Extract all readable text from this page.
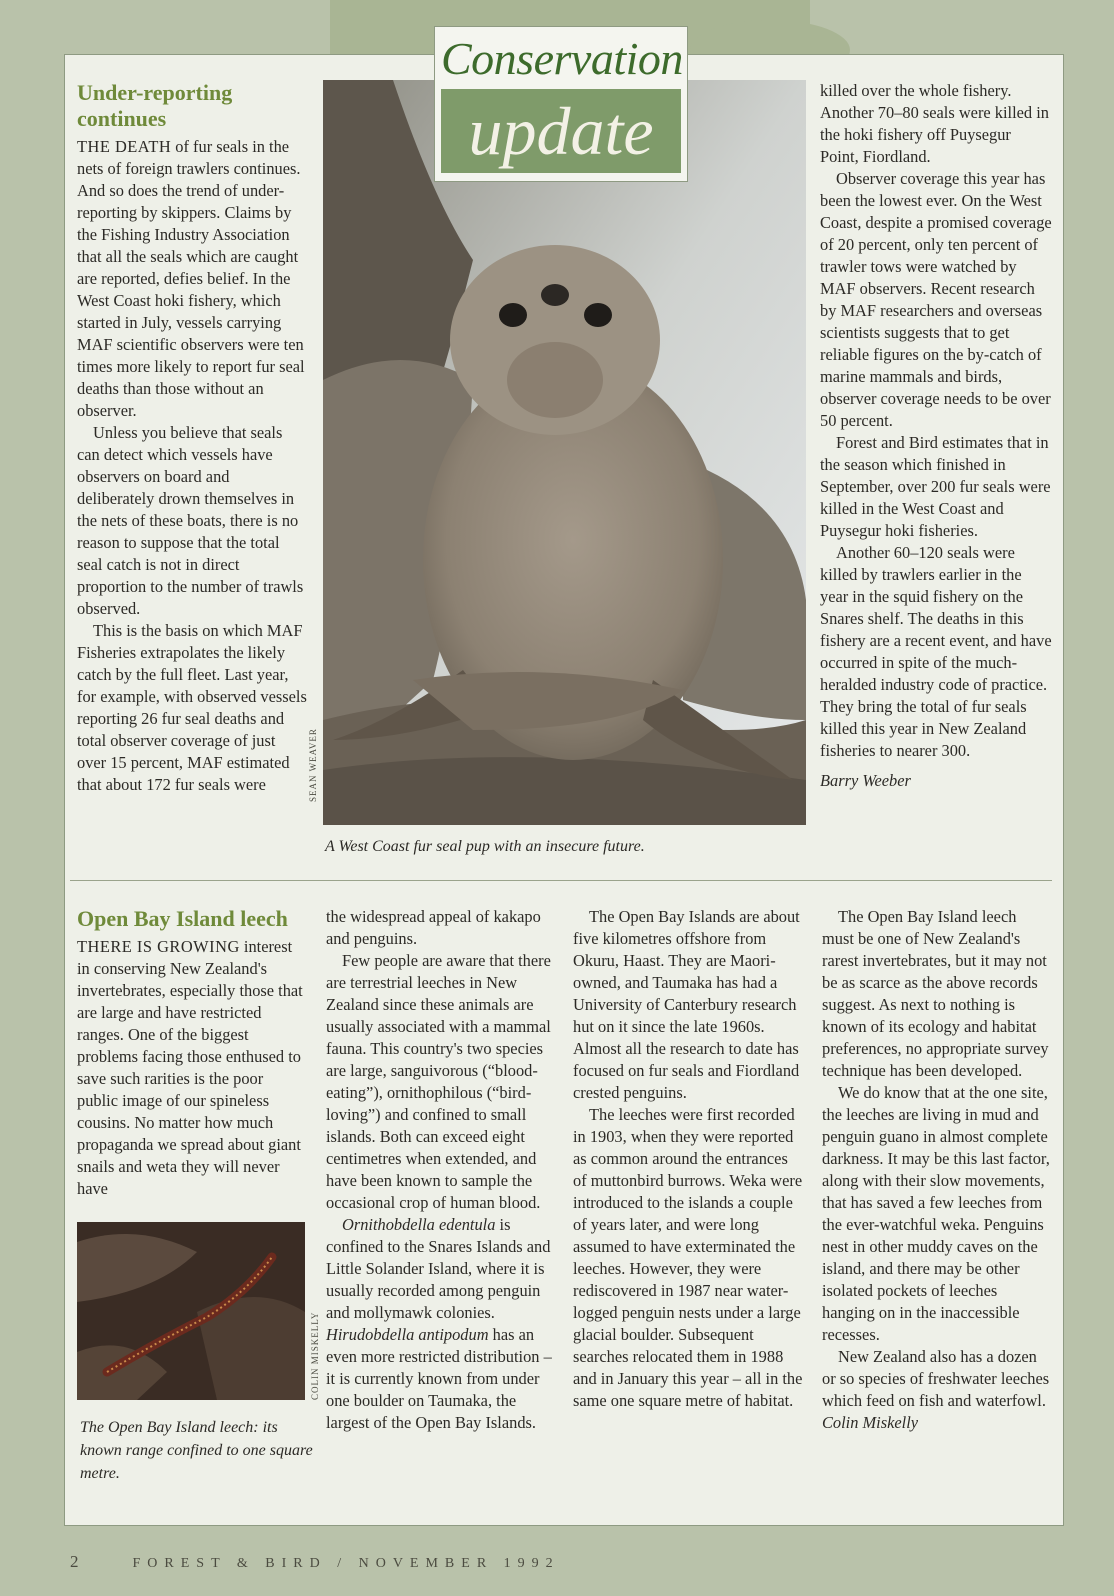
Conservation
update
Under-reporting continues

THE DEATH of fur seals in the nets of foreign trawlers continues. And so does the trend of under-reporting by skippers. Claims by the Fishing Industry Association that all the seals which are caught are reported, defies belief. In the West Coast hoki fishery, which started in July, vessels carrying MAF scientific observers were ten times more likely to report fur seal deaths than those without an observer.

Unless you believe that seals can detect which vessels have observers on board and deliberately drown themselves in the nets of these boats, there is no reason to suppose that the total seal catch is not in direct proportion to the number of trawls observed.

This is the basis on which MAF Fisheries extrapolates the likely catch by the full fleet. Last year, for example, with observed vessels reporting 26 fur seal deaths and total observer coverage of just over 15 percent, MAF estimated that about 172 fur seals were	SEAN WEAVER
A West Coast fur seal pup with an insecure future.

killed over the whole fishery. Another 70–80 seals were killed in the hoki fishery off Puysegur Point, Fiordland.

Observer coverage this year has been the lowest ever. On the West Coast, despite a promised coverage of 20 percent, only ten percent of trawler tows were watched by MAF observers. Recent research by MAF researchers and overseas scientists suggests that to get reliable figures on the by-catch of marine mammals and birds, observer coverage needs to be over 50 percent.

Forest and Bird estimates that in the season which finished in September, over 200 fur seals were killed in the West Coast and Puysegur hoki fisheries.

Another 60–120 seals were killed by trawlers earlier in the year in the squid fishery on the Snares shelf. The deaths in this fishery are a recent event, and have occurred in spite of the much-heralded industry code of practice. They bring the total of fur seals killed this year in New Zealand fisheries to nearer 300.

Barry Weeber

Open Bay Island leech

THERE IS GROWING interest in conserving New Zealand's invertebrates, especially those that are large and have restricted ranges. One of the biggest problems facing those enthused to save such rarities is the poor public image of our spineless cousins. No matter how much propaganda we spread about giant snails and weta they will never have

COLIN MISKELLY
The Open Bay Island leech: its known range confined to one square metre.

the widespread appeal of kakapo and penguins.

Few people are aware that there are terrestrial leeches in New Zealand since these animals are usually associated with a mammal fauna. This country's two species are large, sanguivorous (“blood-eating”), ornithophilous (“bird-loving”) and confined to small islands. Both can exceed eight centimetres when extended, and have been known to sample the occasional crop of human blood.

Ornithobdella edentula is confined to the Snares Islands and Little Solander Island, where it is usually recorded among penguin and mollymawk colonies. Hirudobdella antipodum has an even more restricted distribution – it is currently known from under one boulder on Taumaka, the largest of the Open Bay Islands.

The Open Bay Islands are about five kilometres offshore from Okuru, Haast. They are Maori-owned, and Taumaka has had a University of Canterbury research hut on it since the late 1960s. Almost all the research to date has focused on fur seals and Fiordland crested penguins.

The leeches were first recorded in 1903, when they were reported as common around the entrances of muttonbird burrows. Weka were introduced to the islands a couple of years later, and were long assumed to have exterminated the leeches. However, they were rediscovered in 1987 near water-logged penguin nests under a large glacial boulder. Subsequent searches relocated them in 1988 and in January this year – all in the same one square metre of habitat.

The Open Bay Island leech must be one of New Zealand's rarest invertebrates, but it may not be as scarce as the above records suggest. As next to nothing is known of its ecology and habitat preferences, no appropriate survey technique has been developed.

We do know that at the one site, the leeches are living in mud and penguin guano in almost complete darkness. It may be this last factor, along with their slow movements, that has saved a few leeches from the ever-watchful weka. Penguins nest in other muddy caves on the island, and there may be other isolated pockets of leeches hanging on in the inaccessible recesses.

New Zealand also has a dozen or so species of freshwater leeches which feed on fish and waterfowl.

Colin Miskelly

2	FOREST & BIRD / NOVEMBER 1992
